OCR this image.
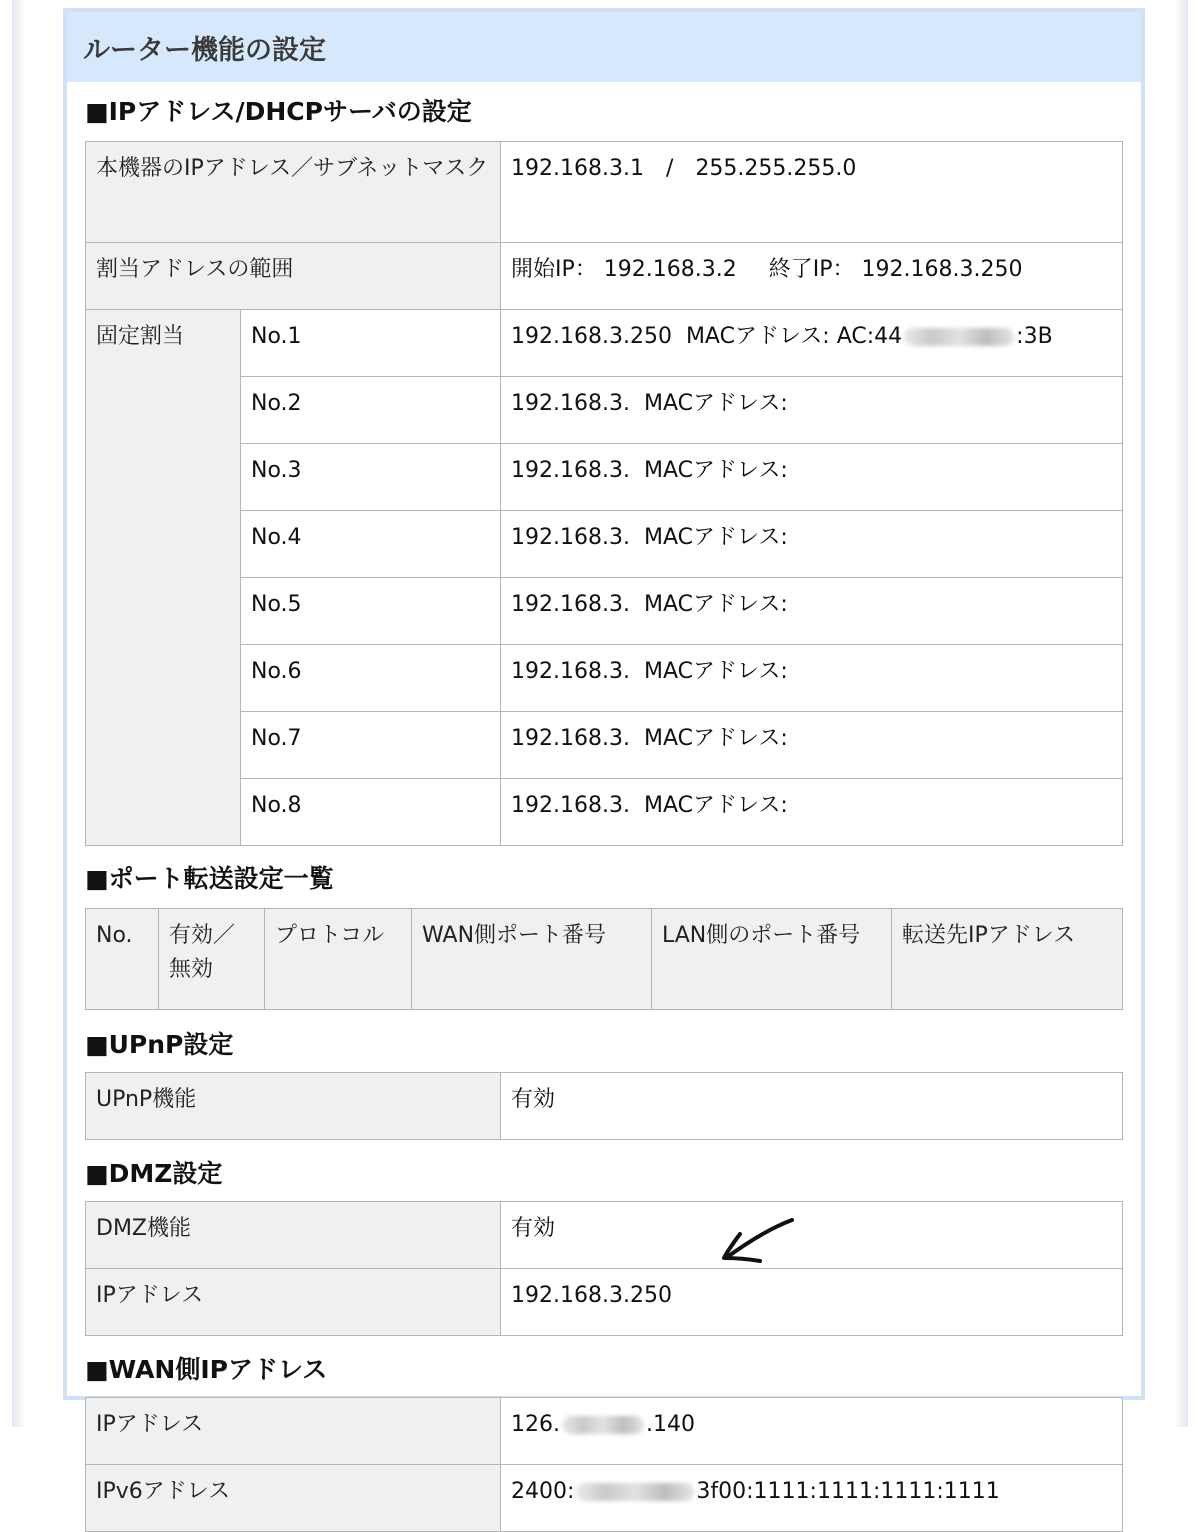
ルーター機能の設定
■IPアドレス/DHCPサーバの設定
本機器のIPアドレス／サブネットマスク		192.168.3.1　/　255.255.255.0
割当アドレスの範囲		開始IP： 192.168.3.2 終了IP： 192.168.3.250
固定割当	No.1	192.168.3.250 MACアドレス: AC:44 :3B
	No.2	192.168.3. MACアドレス:
	No.3	192.168.3. MACアドレス:
	No.4	192.168.3. MACアドレス:
	No.5	192.168.3. MACアドレス:
	No.6	192.168.3. MACアドレス:
	No.7	192.168.3. MACアドレス:
	No.8	192.168.3. MACアドレス:
■ポート転送設定一覧
No.	有効／無効	プロトコル	WAN側ポート番号	LAN側のポート番号	転送先IPアドレス
■UPnP設定
UPnP機能	有効
■DMZ設定
DMZ機能	有効
IPアドレス	192.168.3.250
■WAN側IPアドレス
IPアドレス	126. .140
IPv6アドレス	2400: 3f00:1111:1111:1111:1111
